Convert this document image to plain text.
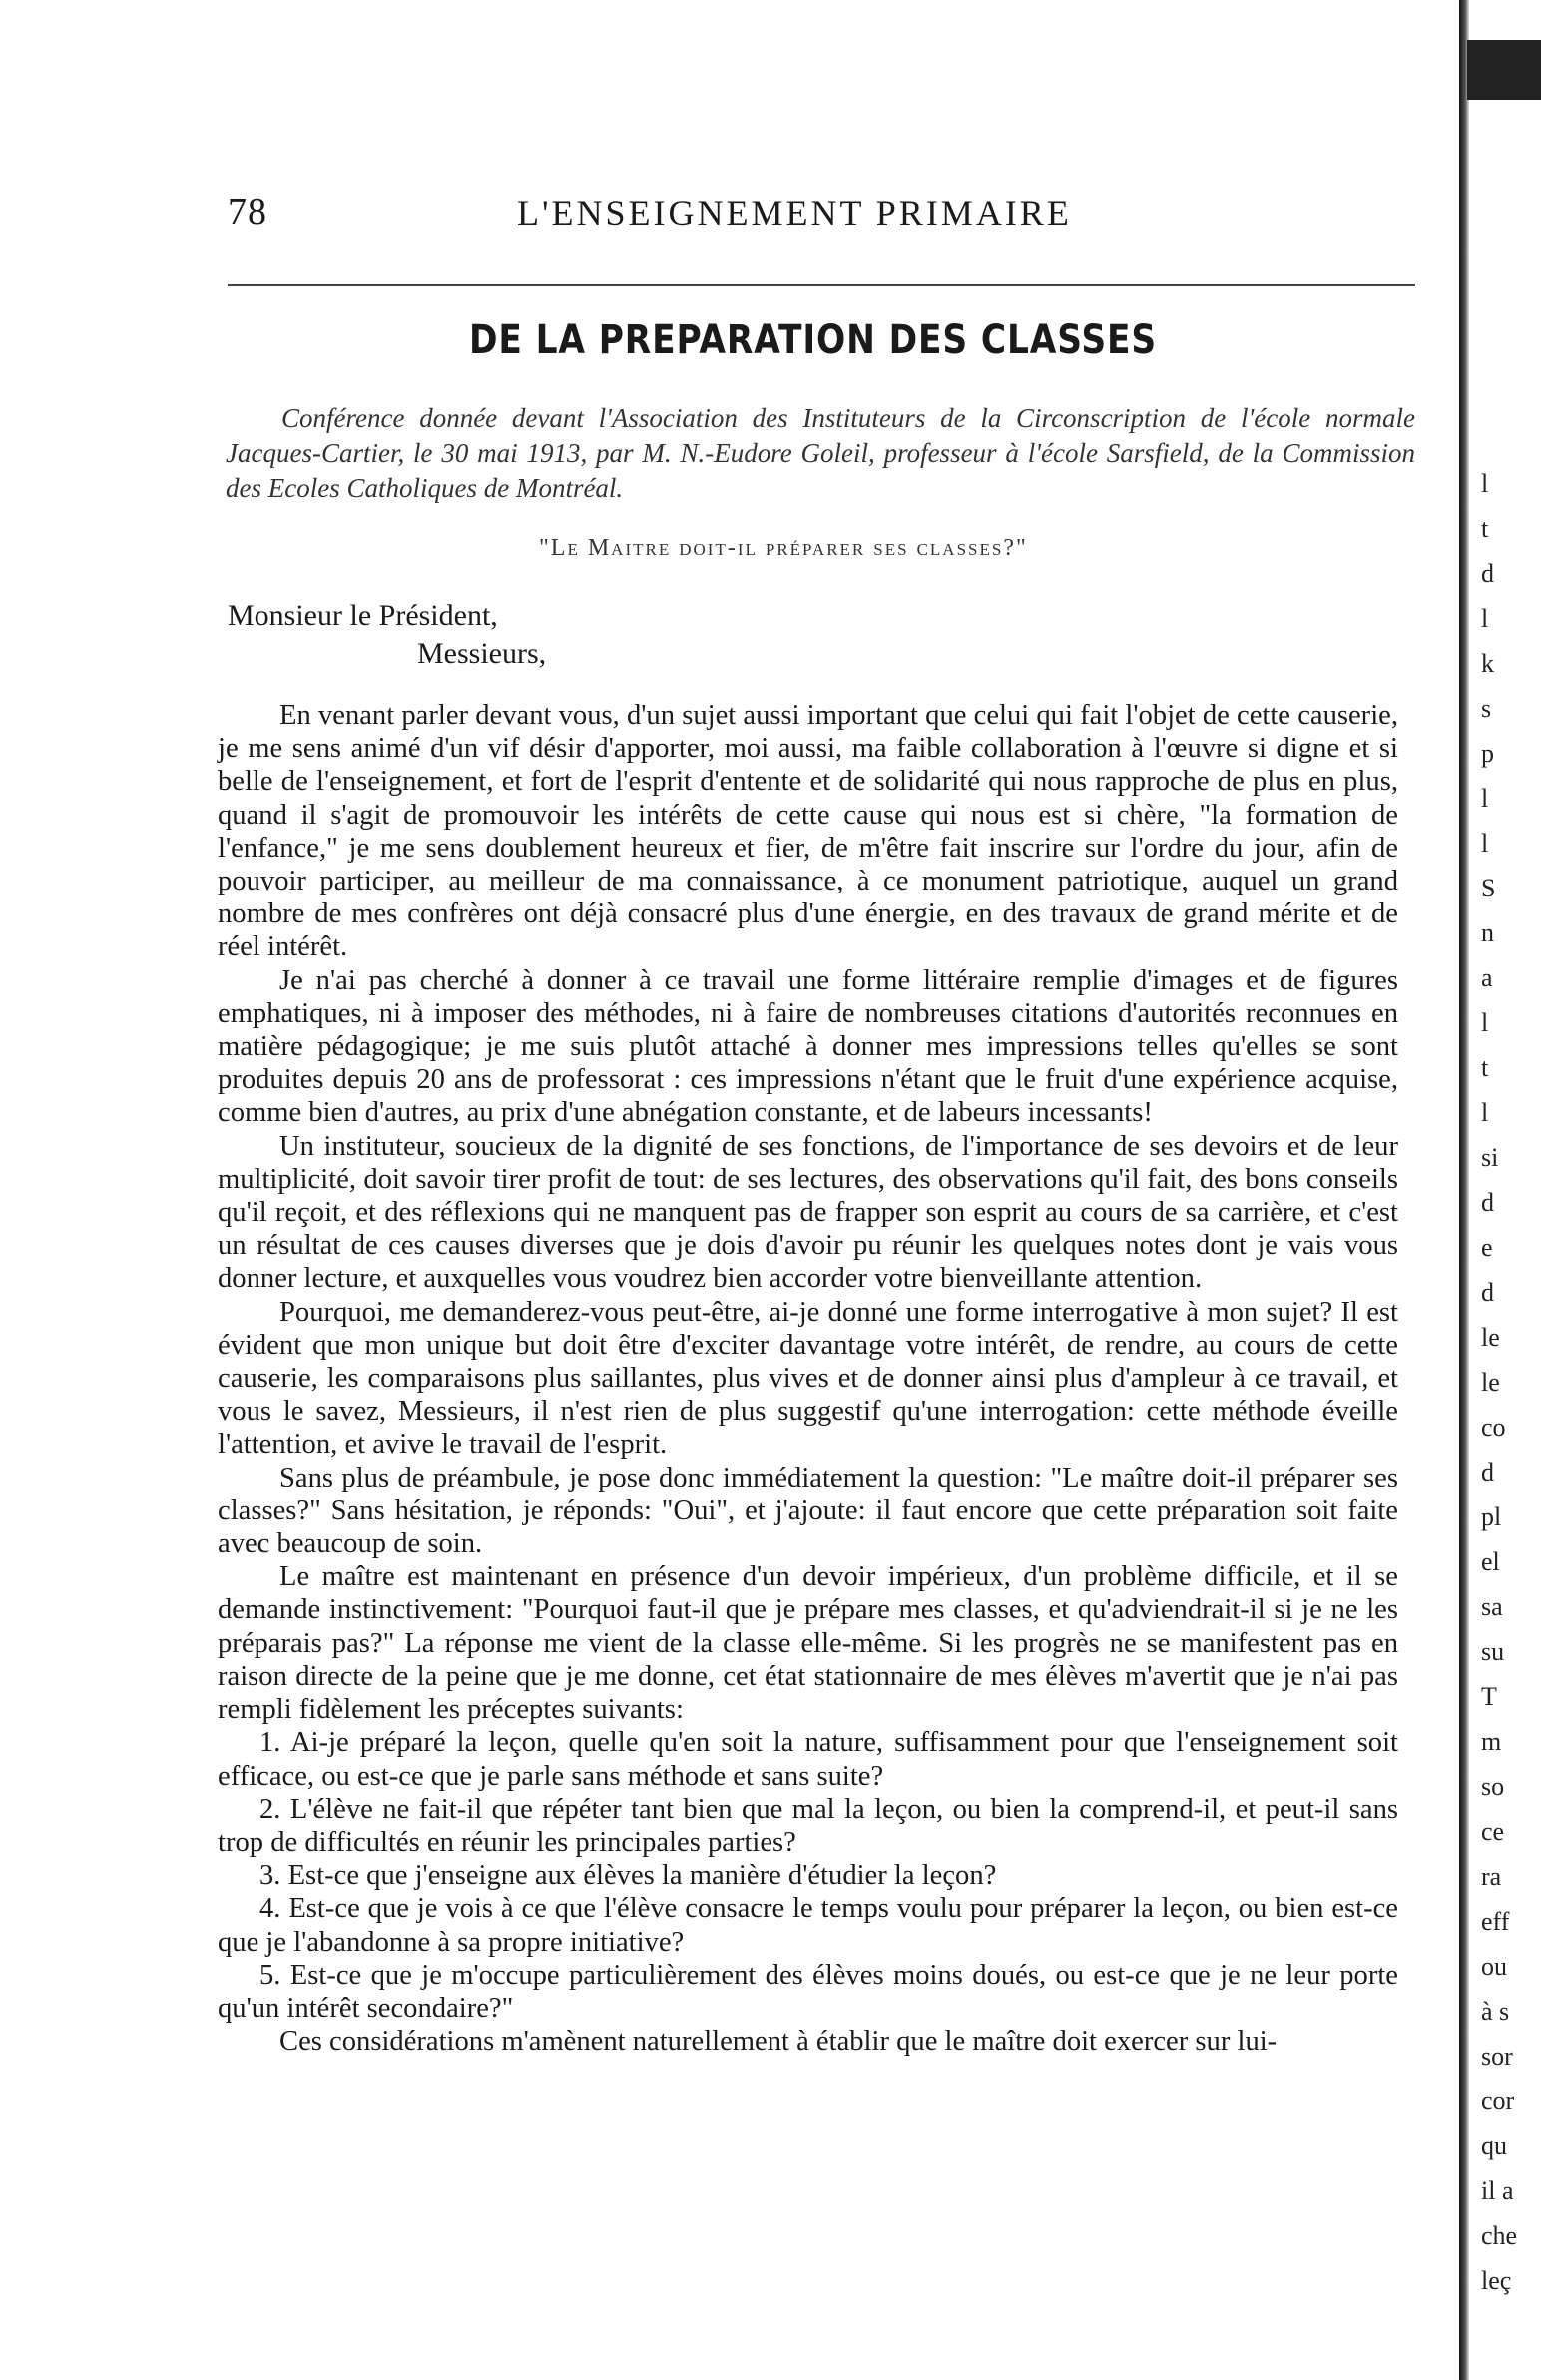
78	L'ENSEIGNEMENT PRIMAIRE
DE LA PREPARATION DES CLASSES
Conférence donnée devant l'Association des Instituteurs de la Circonscription de l'école normale Jacques-Cartier, le 30 mai 1913, par M. N.-Eudore Goleil, professeur à l'école Sarsfield, de la Commission des Ecoles Catholiques de Montréal.
"Le Maitre doit-il préparer ses classes?"
Monsieur le Président,
Messieurs,

En venant parler devant vous, d'un sujet aussi important que celui qui fait l'objet de cette causerie, je me sens animé d'un vif désir d'apporter, moi aussi, ma faible collaboration à l'œuvre si digne et si belle de l'enseignement, et fort de l'esprit d'entente et de solidarité qui nous rapproche de plus en plus, quand il s'agit de promouvoir les intérêts de cette cause qui nous est si chère, "la formation de l'enfance," je me sens doublement heureux et fier, de m'être fait inscrire sur l'ordre du jour, afin de pouvoir participer, au meilleur de ma connaissance, à ce monument patriotique, auquel un grand nombre de mes confrères ont déjà consacré plus d'une énergie, en des travaux de grand mérite et de réel intérêt.

Je n'ai pas cherché à donner à ce travail une forme littéraire remplie d'images et de figures emphatiques, ni à imposer des méthodes, ni à faire de nombreuses citations d'autorités reconnues en matière pédagogique; je me suis plutôt attaché à donner mes impressions telles qu'elles se sont produites depuis 20 ans de professorat : ces impressions n'étant que le fruit d'une expérience acquise, comme bien d'autres, au prix d'une abnégation constante, et de labeurs incessants!

Un instituteur, soucieux de la dignité de ses fonctions, de l'importance de ses devoirs et de leur multiplicité, doit savoir tirer profit de tout: de ses lectures, des observations qu'il fait, des bons conseils qu'il reçoit, et des réflexions qui ne manquent pas de frapper son esprit au cours de sa carrière, et c'est un résultat de ces causes diverses que je dois d'avoir pu réunir les quelques notes dont je vais vous donner lecture, et auxquelles vous voudrez bien accorder votre bienveillante attention.

Pourquoi, me demanderez-vous peut-être, ai-je donné une forme interrogative à mon sujet? Il est évident que mon unique but doit être d'exciter davantage votre intérêt, de rendre, au cours de cette causerie, les comparaisons plus saillantes, plus vives et de donner ainsi plus d'ampleur à ce travail, et vous le savez, Messieurs, il n'est rien de plus suggestif qu'une interrogation: cette méthode éveille l'attention, et avive le travail de l'esprit.

Sans plus de préambule, je pose donc immédiatement la question: "Le maître doit-il préparer ses classes?" Sans hésitation, je réponds: "Oui", et j'ajoute: il faut encore que cette préparation soit faite avec beaucoup de soin.

Le maître est maintenant en présence d'un devoir impérieux, d'un problème difficile, et il se demande instinctivement: "Pourquoi faut-il que je prépare mes classes, et qu'adviendrait-il si je ne les préparais pas?" La réponse me vient de la classe elle-même. Si les progrès ne se manifestent pas en raison directe de la peine que je me donne, cet état stationnaire de mes élèves m'avertit que je n'ai pas rempli fidèlement les préceptes suivants:

1. Ai-je préparé la leçon, quelle qu'en soit la nature, suffisamment pour que l'enseignement soit efficace, ou est-ce que je parle sans méthode et sans suite?

2. L'élève ne fait-il que répéter tant bien que mal la leçon, ou bien la comprend-il, et peut-il sans trop de difficultés en réunir les principales parties?

3. Est-ce que j'enseigne aux élèves la manière d'étudier la leçon?

4. Est-ce que je vois à ce que l'élève consacre le temps voulu pour préparer la leçon, ou bien est-ce que je l'abandonne à sa propre initiative?

5. Est-ce que je m'occupe particulièrement des élèves moins doués, ou est-ce que je ne leur porte qu'un intérêt secondaire?"

Ces considérations m'amènent naturellement à établir que le maître doit exercer sur lui-

l
t
d
l
k
s
p
l
l
S
n
a
l
t
l
si
d
e
d
le
le
co
d
pl
el
sa
su
T
m
so
ce
ra
eff
ou
à s
sor
cor
qu
il a
che
leç
